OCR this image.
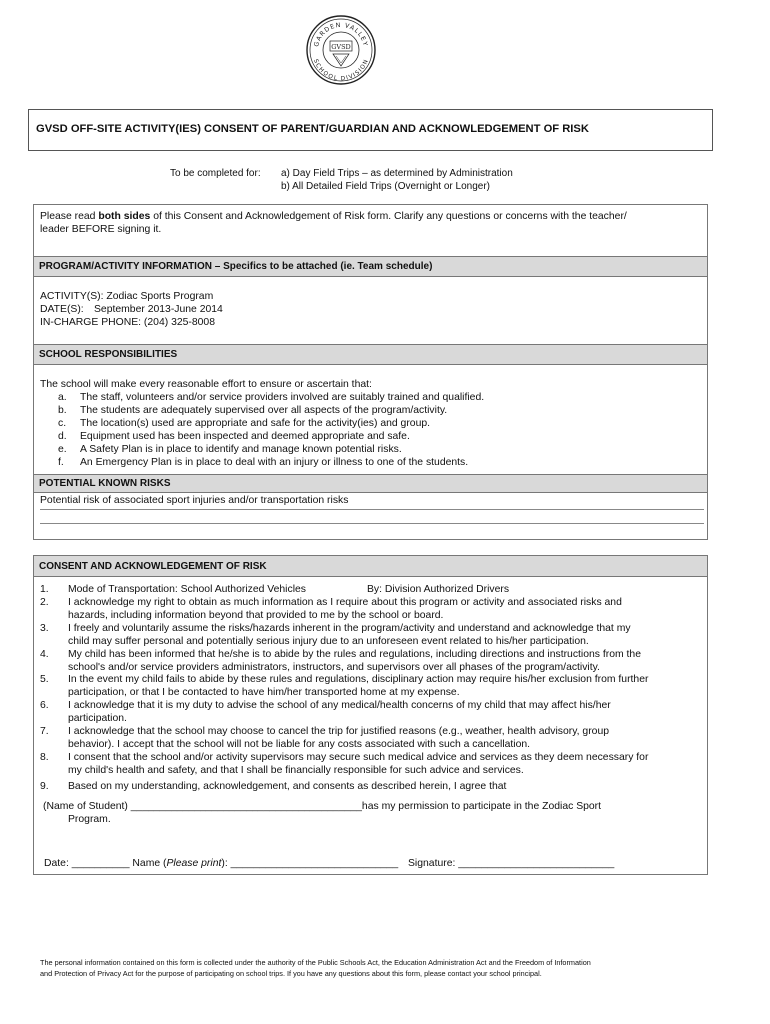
GARDEN VALLEY
SCHOOL DIVISION
GVSD
GVSD OFF-SITE ACTIVITY(IES) CONSENT OF PARENT/GUARDIAN AND ACKNOWLEDGEMENT OF RISK
To be completed for: a) Day Field Trips – as determined by Administration
b) All Detailed Field Trips (Overnight or Longer)
Please read both sides of this Consent and Acknowledgement of Risk form. Clarify any questions or concerns with the teacher/
leader BEFORE signing it.
PROGRAM/ACTIVITY INFORMATION – Specifics to be attached (ie. Team schedule)
ACTIVITY(S): Zodiac Sports Program
DATE(S): September 2013-June 2014
IN-CHARGE PHONE: (204) 325-8008
SCHOOL RESPONSIBILITIES
The school will make every reasonable effort to ensure or ascertain that:
a. The staff, volunteers and/or service providers involved are suitably trained and qualified.
b. The students are adequately supervised over all aspects of the program/activity.
c. The location(s) used are appropriate and safe for the activity(ies) and group.
d. Equipment used has been inspected and deemed appropriate and safe.
e. A Safety Plan is in place to identify and manage known potential risks.
f. An Emergency Plan is in place to deal with an injury or illness to one of the students.
POTENTIAL KNOWN RISKS
Potential risk of associated sport injuries and/or transportation risks
CONSENT AND ACKNOWLEDGEMENT OF RISK
1. Mode of Transportation: School Authorized Vehicles	By: Division Authorized Drivers
2. I acknowledge my right to obtain as much information as I require about this program or activity and associated risks and
hazards, including information beyond that provided to me by the school or board.
3. I freely and voluntarily assume the risks/hazards inherent in the program/activity and understand and acknowledge that my
child may suffer personal and potentially serious injury due to an unforeseen event related to his/her participation.
4. My child has been informed that he/she is to abide by the rules and regulations, including directions and instructions from the
school's and/or service providers administrators, instructors, and supervisors over all phases of the program/activity.
5. In the event my child fails to abide by these rules and regulations, disciplinary action may require his/her exclusion from further
participation, or that I be contacted to have him/her transported home at my expense.
6. I acknowledge that it is my duty to advise the school of any medical/health concerns of my child that may affect his/her
participation.
7. I acknowledge that the school may choose to cancel the trip for justified reasons (e.g., weather, health advisory, group
behavior). I accept that the school will not be liable for any costs associated with such a cancellation.
8. I consent that the school and/or activity supervisors may secure such medical advice and services as they deem necessary for
my child's health and safety, and that I shall be financially responsible for such advice and services.
9. Based on my understanding, acknowledgement, and consents as described herein, I agree that
(Name of Student) ________________________________________has my permission to participate in the Zodiac Sport
Program.
Date: __________ Name (Please print): _____________________________ Signature: ___________________________
The personal information contained on this form is collected under the authority of the Public Schools Act, the Education Administration Act and the Freedom of Information
and Protection of Privacy Act for the purpose of participating on school trips. If you have any questions about this form, please contact your school principal.
